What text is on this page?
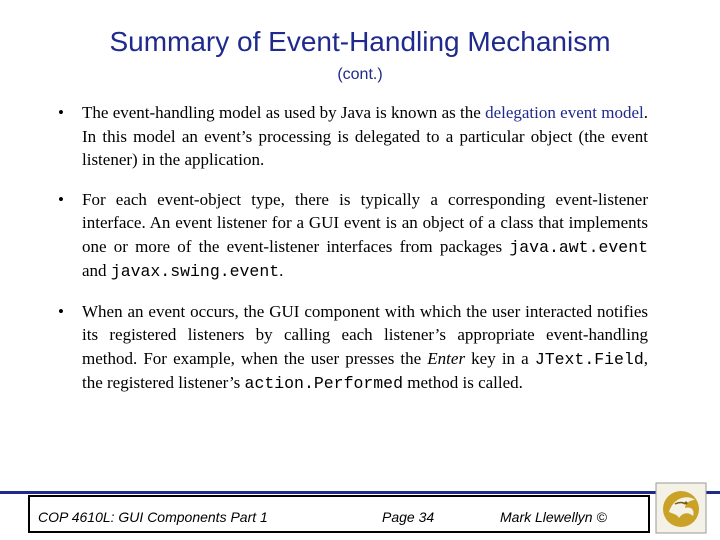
Summary of Event-Handling Mechanism
(cont.)
• The event-handling model as used by Java is known as the delegation event model. In this model an event’s processing is delegated to a particular object (the event listener) in the application.
• For each event-object type, there is typically a corresponding event-listener interface. An event listener for a GUI event is an object of a class that implements one or more of the event-listener interfaces from packages java.awt.event and javax.swing.event.
• When an event occurs, the GUI component with which the user interacted notifies its registered listeners by calling each listener’s appropriate event-handling method. For example, when the user presses the Enter key in a JText.Field, the registered listener’s action.Performed method is called.
COP 4610L: GUI Components Part 1	Page 34	Mark Llewellyn ©
